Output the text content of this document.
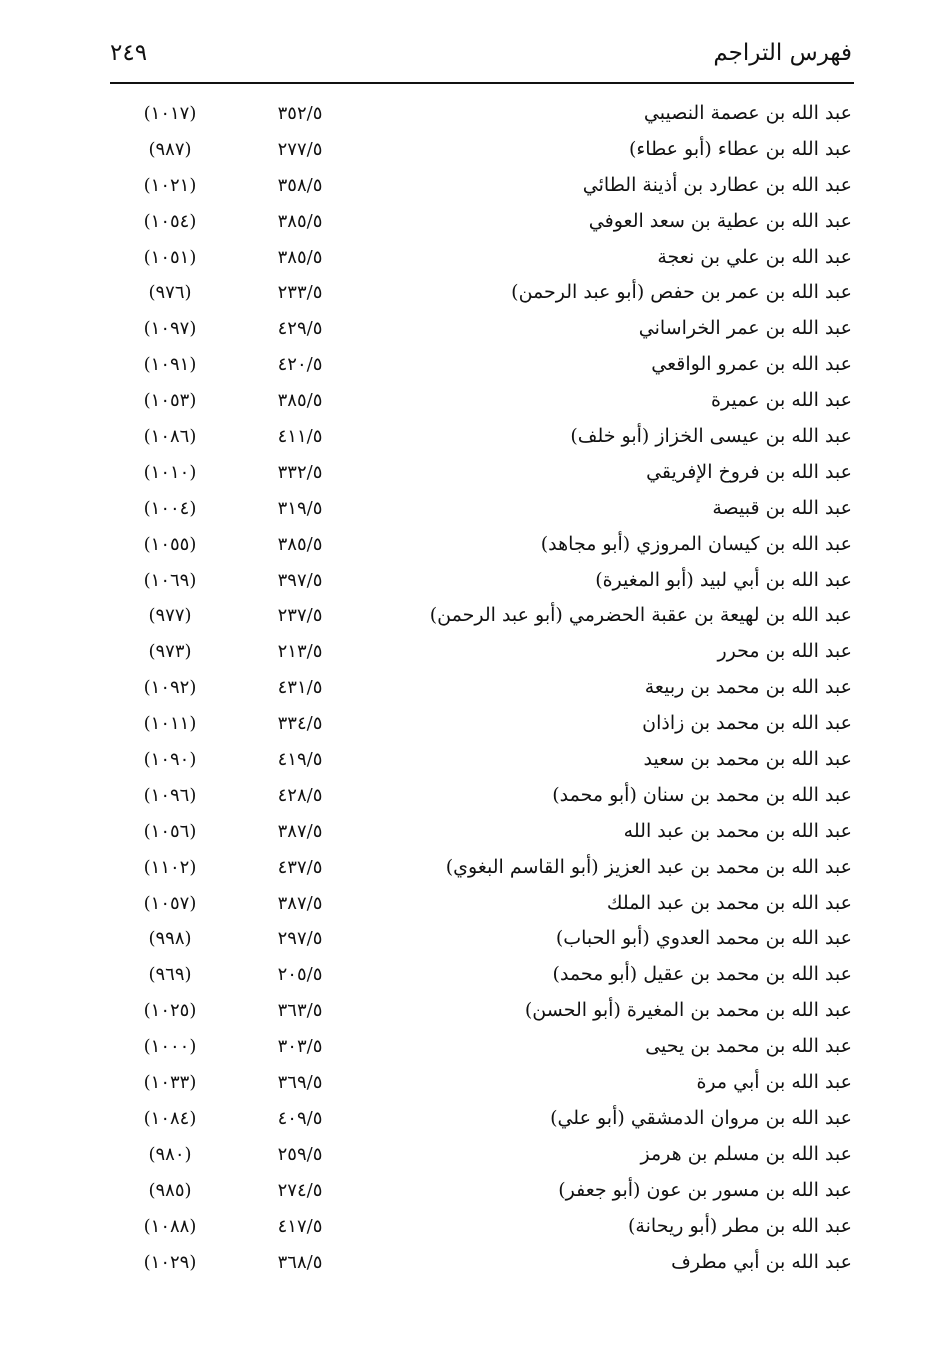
فهرس التراجم
٢٤٩
عبد الله بن عصمة النصيبي
٣٥٢/٥
(١٠١٧)
عبد الله بن عطاء (أبو عطاء)
٢٧٧/٥
(٩٨٧)
عبد الله بن عطارد بن أذينة الطائي
٣٥٨/٥
(١٠٢١)
عبد الله بن عطية بن سعد العوفي
٣٨٥/٥
(١٠٥٤)
عبد الله بن علي بن نعجة
٣٨٥/٥
(١٠٥١)
عبد الله بن عمر بن حفص (أبو عبد الرحمن)
٢٣٣/٥
(٩٧٦)
عبد الله بن عمر الخراساني
٤٢٩/٥
(١٠٩٧)
عبد الله بن عمرو الواقعي
٤٢٠/٥
(١٠٩١)
عبد الله بن عميرة
٣٨٥/٥
(١٠٥٣)
عبد الله بن عيسى الخزاز (أبو خلف)
٤١١/٥
(١٠٨٦)
عبد الله بن فروخ الإفريقي
٣٣٢/٥
(١٠١٠)
عبد الله بن قبيصة
٣١٩/٥
(١٠٠٤)
عبد الله بن كيسان المروزي (أبو مجاهد)
٣٨٥/٥
(١٠٥٥)
عبد الله بن أبي لبيد (أبو المغيرة)
٣٩٧/٥
(١٠٦٩)
عبد الله بن لهيعة بن عقبة الحضرمي (أبو عبد الرحمن)
٢٣٧/٥
(٩٧٧)
عبد الله بن محرر
٢١٣/٥
(٩٧٣)
عبد الله بن محمد بن ربيعة
٤٣١/٥
(١٠٩٢)
عبد الله بن محمد بن زاذان
٣٣٤/٥
(١٠١١)
عبد الله بن محمد بن سعيد
٤١٩/٥
(١٠٩٠)
عبد الله بن محمد بن سنان (أبو محمد)
٤٢٨/٥
(١٠٩٦)
عبد الله بن محمد بن عبد الله
٣٨٧/٥
(١٠٥٦)
عبد الله بن محمد بن عبد العزيز (أبو القاسم البغوي)
٤٣٧/٥
(١١٠٢)
عبد الله بن محمد بن عبد الملك
٣٨٧/٥
(١٠٥٧)
عبد الله بن محمد العدوي (أبو الحباب)
٢٩٧/٥
(٩٩٨)
عبد الله بن محمد بن عقيل (أبو محمد)
٢٠٥/٥
(٩٦٩)
عبد الله بن محمد بن المغيرة (أبو الحسن)
٣٦٣/٥
(١٠٢٥)
عبد الله بن محمد بن يحيى
٣٠٣/٥
(١٠٠٠)
عبد الله بن أبي مرة
٣٦٩/٥
(١٠٣٣)
عبد الله بن مروان الدمشقي (أبو علي)
٤٠٩/٥
(١٠٨٤)
عبد الله بن مسلم بن هرمز
٢٥٩/٥
(٩٨٠)
عبد الله بن مسور بن عون (أبو جعفر)
٢٧٤/٥
(٩٨٥)
عبد الله بن مطر (أبو ريحانة)
٤١٧/٥
(١٠٨٨)
عبد الله بن أبي مطرف
٣٦٨/٥
(١٠٢٩)
